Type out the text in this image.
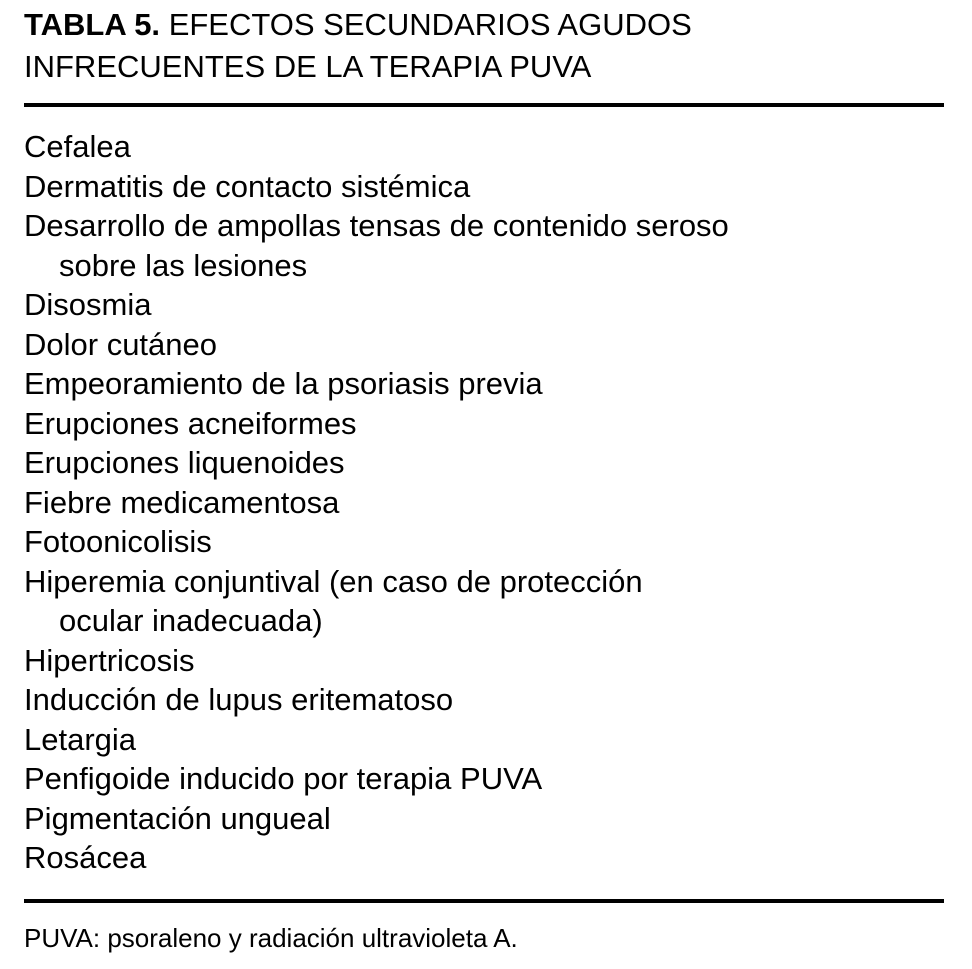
TABLA 5. EFECTOS SECUNDARIOS AGUDOS
INFRECUENTES DE LA TERAPIA PUVA
Cefalea
Dermatitis de contacto sistémica
Desarrollo de ampollas tensas de contenido seroso
sobre las lesiones
Disosmia
Dolor cutáneo
Empeoramiento de la psoriasis previa
Erupciones acneiformes
Erupciones liquenoides
Fiebre medicamentosa
Fotoonicolisis
Hiperemia conjuntival (en caso de protección
ocular inadecuada)
Hipertricosis
Inducción de lupus eritematoso
Letargia
Penfigoide inducido por terapia PUVA
Pigmentación ungueal
Rosácea

PUVA: psoraleno y radiación ultravioleta A.
